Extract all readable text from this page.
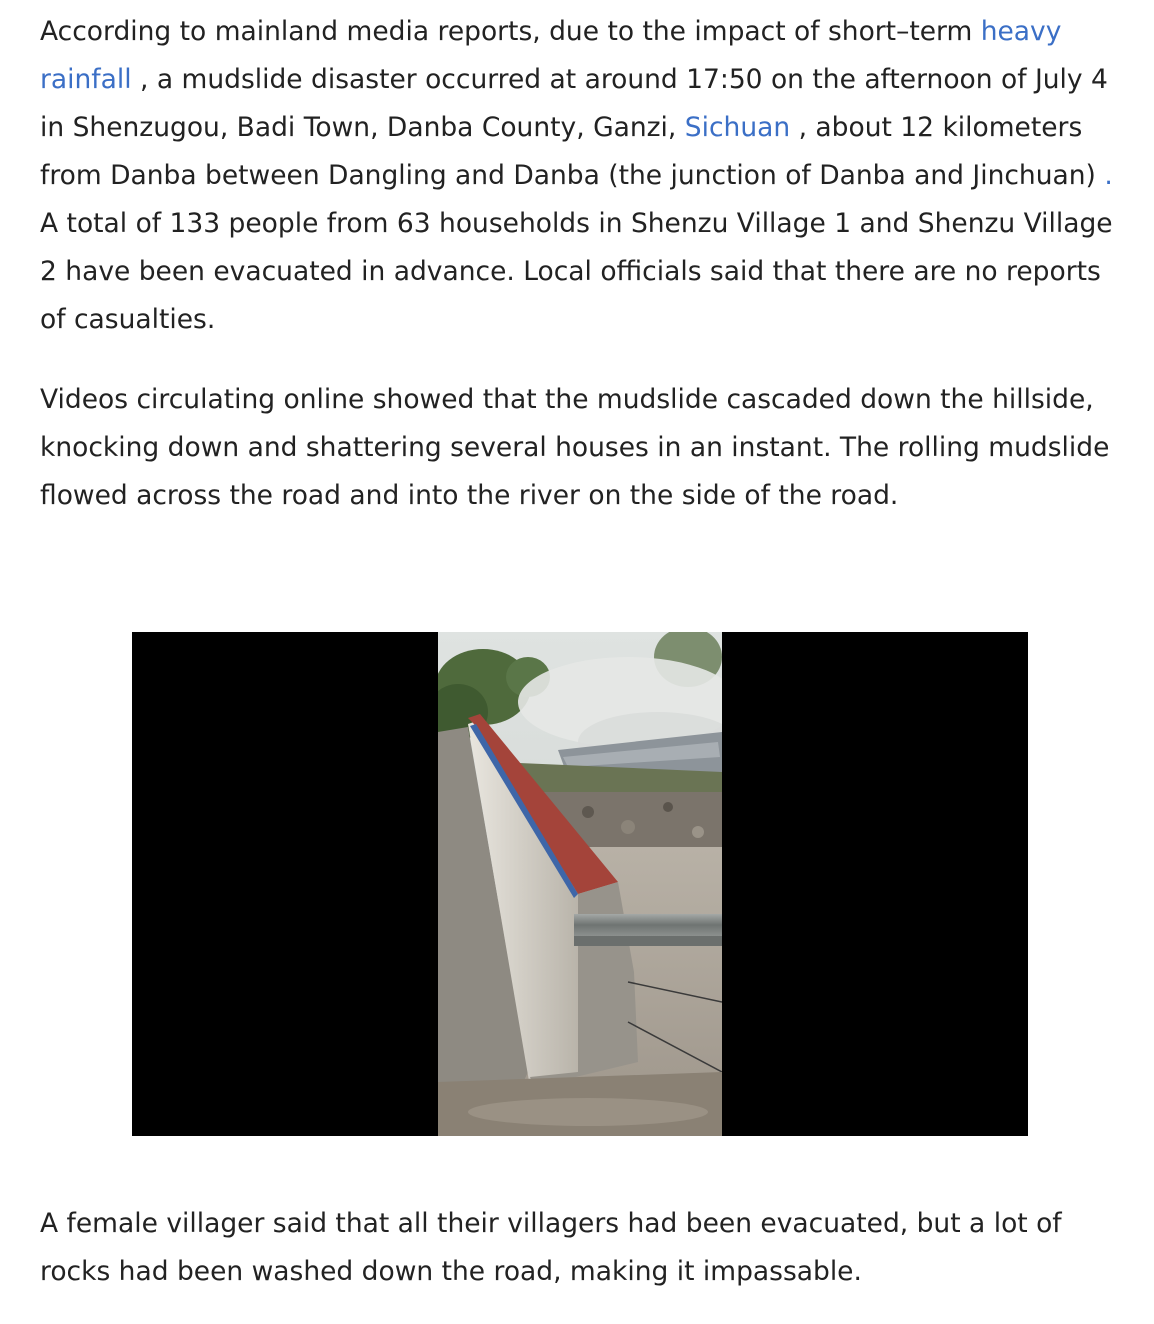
According to mainland media reports, due to the impact of short–term heavy rainfall , a mudslide disaster occurred at around 17:50 on the afternoon of July 4 in Shenzugou, Badi Town, Danba County, Ganzi, Sichuan , about 12 kilometers from Danba between Dangling and Danba (the junction of Danba and Jinchuan) . A total of 133 people from 63 households in Shenzu Village 1 and Shenzu Village 2 have been evacuated in advance. Local officials said that there are no reports of casualties.

Videos circulating online showed that the mudslide cascaded down the hillside, knocking down and shattering several houses in an instant. The rolling mudslide flowed across the road and into the river on the side of the road.

A female villager said that all their villagers had been evacuated, but a lot of rocks had been washed down the road, making it impassable.
